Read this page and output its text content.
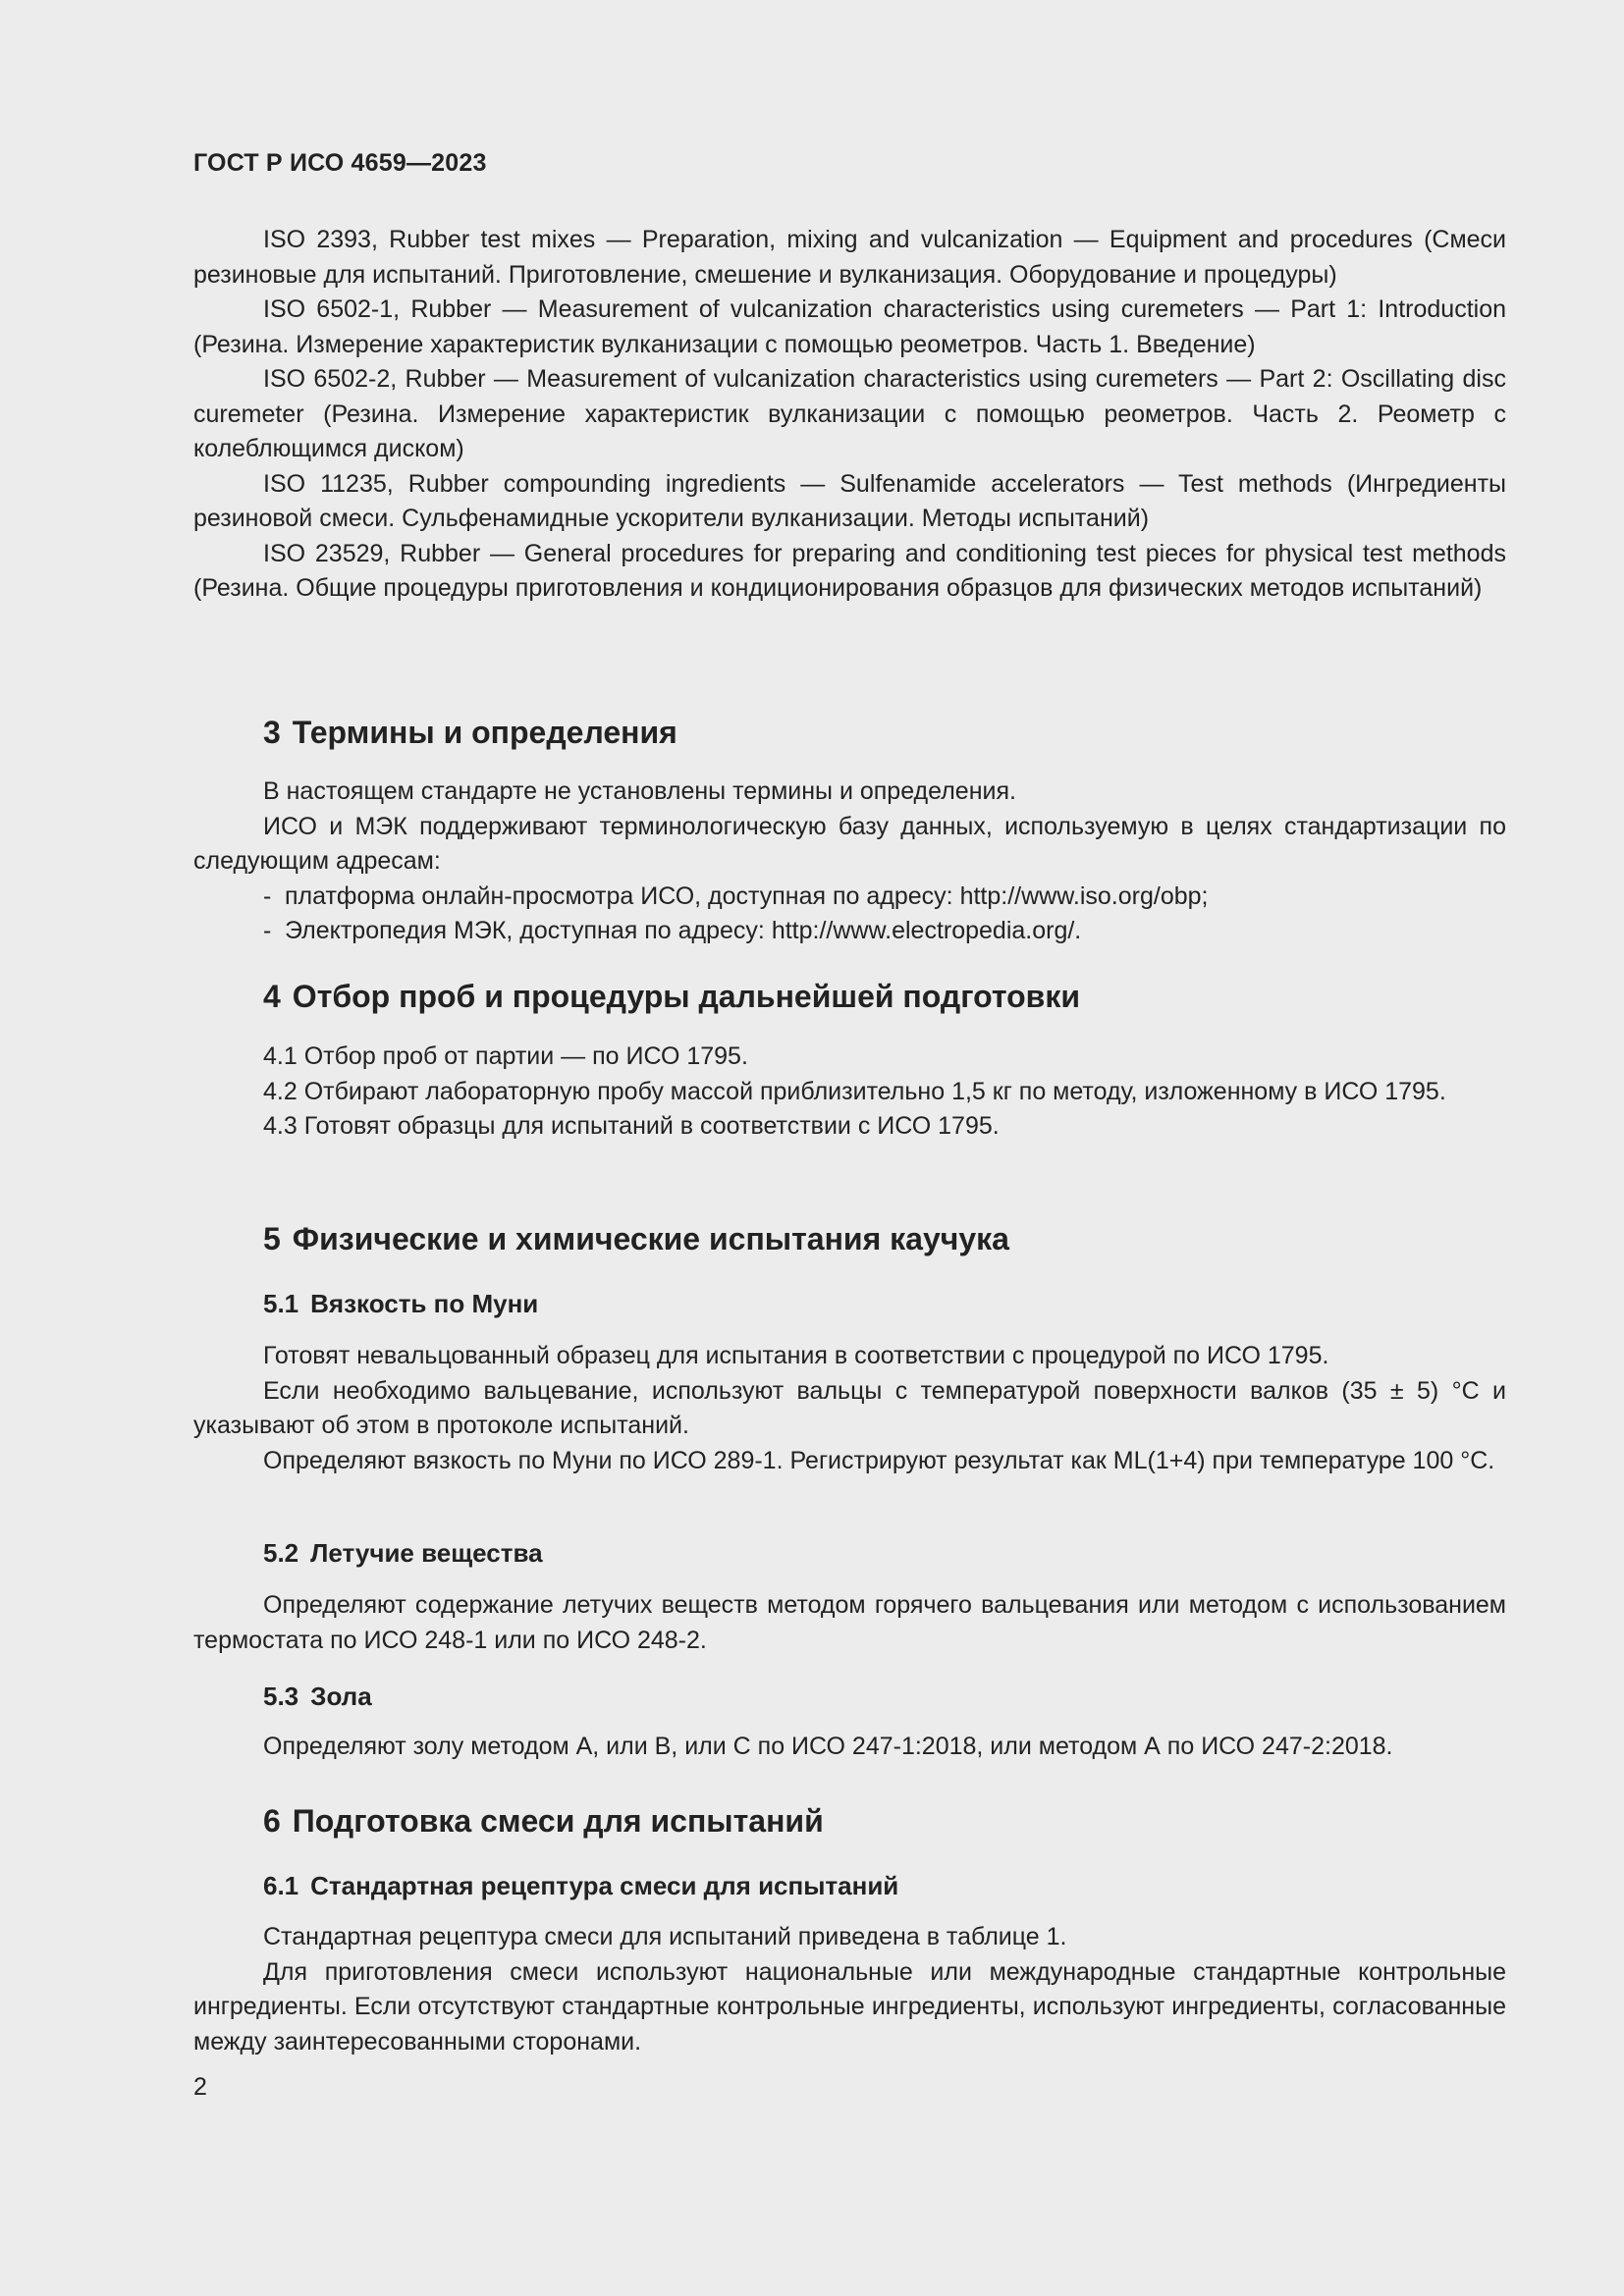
ГОСТ Р ИСО 4659—2023

ISO 2393, Rubber test mixes — Preparation, mixing and vulcanization — Equipment and procedures (Смеси резиновые для испытаний. Приготовление, смешение и вулканизация. Оборудование и процедуры)

ISO 6502-1, Rubber — Measurement of vulcanization characteristics using curemeters — Part 1: Introduction (Резина. Измерение характеристик вулканизации с помощью реометров. Часть 1. Введение)

ISO 6502-2, Rubber — Measurement of vulcanization characteristics using curemeters — Part 2: Oscillating disc curemeter (Резина. Измерение характеристик вулканизации с помощью реометров. Часть 2. Реометр с колеблющимся диском)

ISO 11235, Rubber compounding ingredients — Sulfenamide accelerators — Test methods (Ингредиенты резиновой смеси. Сульфенамидные ускорители вулканизации. Методы испытаний)

ISO 23529, Rubber — General procedures for preparing and conditioning test pieces for physical test methods (Резина. Общие процедуры приготовления и кондиционирования образцов для физических методов испытаний)

3 Термины и определения

В настоящем стандарте не установлены термины и определения.

ИСО и МЭК поддерживают терминологическую базу данных, используемую в целях стандартизации по следующим адресам:

- платформа онлайн-просмотра ИСО, доступная по адресу: http://www.iso.org/obp;

- Электропедия МЭК, доступная по адресу: http://www.electropedia.org/.

4 Отбор проб и процедуры дальнейшей подготовки

4.1 Отбор проб от партии — по ИСО 1795.

4.2 Отбирают лабораторную пробу массой приблизительно 1,5 кг по методу, изложенному в ИСО 1795.

4.3 Готовят образцы для испытаний в соответствии с ИСО 1795.

5 Физические и химические испытания каучука
5.1 Вязкость по Муни

Готовят невальцованный образец для испытания в соответствии с процедурой по ИСО 1795.

Если необходимо вальцевание, используют вальцы с температурой поверхности валков (35 ± 5) °С и указывают об этом в протоколе испытаний.

Определяют вязкость по Муни по ИСО 289-1. Регистрируют результат как ML(1+4) при температуре 100 °С.

5.2 Летучие вещества

Определяют содержание летучих веществ методом горячего вальцевания или методом с использованием термостата по ИСО 248-1 или по ИСО 248-2.

5.3 Зола

Определяют золу методом А, или В, или С по ИСО 247-1:2018, или методом А по ИСО 247-2:2018.

6 Подготовка смеси для испытаний
6.1 Стандартная рецептура смеси для испытаний

Стандартная рецептура смеси для испытаний приведена в таблице 1.

Для приготовления смеси используют национальные или международные стандартные контрольные ингредиенты. Если отсутствуют стандартные контрольные ингредиенты, используют ингредиенты, согласованные между заинтересованными сторонами.

2
